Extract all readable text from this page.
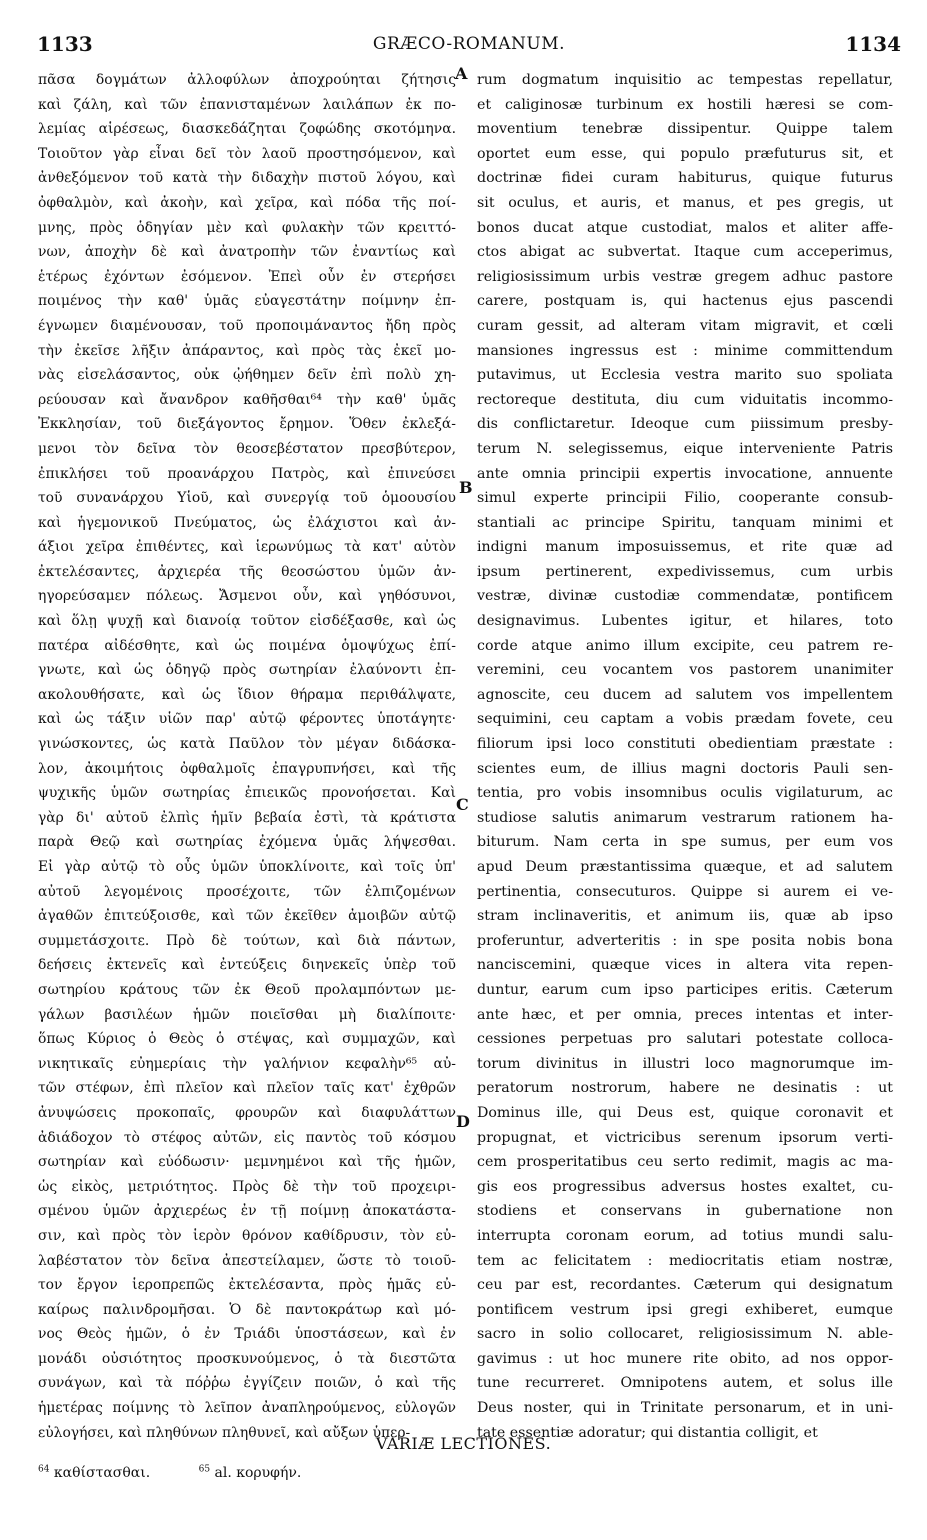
1133	GRÆCO-ROMANUM.	1134
πᾶσα δογμάτων ἀλλοφύλων ἀποχρούηται ζήτησις
καὶ ζάλη, καὶ τῶν ἐπανισταμένων λαιλάπων ἐκ πο-
λεμίας αἱρέσεως, διασκεδάζηται ζοφώδης σκοτόμηνα.
Τοιοῦτον γὰρ εἶναι δεῖ τὸν λαοῦ προστησόμενον, καὶ
ἀνθεξόμενον τοῦ κατὰ τὴν διδαχὴν πιστοῦ λόγου, καὶ
ὀφθαλμὸν, καὶ ἀκοὴν, καὶ χεῖρα, καὶ πόδα τῆς ποί-
μνης, πρὸς ὁδηγίαν μὲν καὶ φυλακὴν τῶν κρειττό-
νων, ἀποχὴν δὲ καὶ ἀνατροπὴν τῶν ἐναντίως καὶ
ἑτέρως ἐχόντων ἐσόμενον. Ἐπεὶ οὖν ἐν στερήσει
ποιμένος τὴν καθ' ὑμᾶς εὐαγεστάτην ποίμνην ἐπ-
έγνωμεν διαμένουσαν, τοῦ προποιμάναντος ἤδη πρὸς
τὴν ἐκεῖσε λῆξιν ἀπάραντος, καὶ πρὸς τὰς ἐκεῖ μο-
νὰς εἰσελάσαντος, οὐκ ᾠήθημεν δεῖν ἐπὶ πολὺ χη-
ρεύουσαν καὶ ἄνανδρον καθῆσθαι⁶⁴ τὴν καθ' ὑμᾶς
Ἐκκλησίαν, τοῦ διεξάγοντος ἔρημον. Ὅθεν ἐκλεξά-
μενοι τὸν δεῖνα τὸν θεοσεβέστατον πρεσβύτερον,
ἐπικλήσει τοῦ προανάρχου Πατρὸς, καὶ ἐπινεύσει
τοῦ συνανάρχου Υἱοῦ, καὶ συνεργίᾳ τοῦ ὁμοουσίου
καὶ ἡγεμονικοῦ Πνεύματος, ὡς ἐλάχιστοι καὶ ἀν-
άξιοι χεῖρα ἐπιθέντες, καὶ ἱερωνύμως τὰ κατ' αὐτὸν
ἐκτελέσαντες, ἀρχιερέα τῆς θεοσώστου ὑμῶν ἀν-
ηγορεύσαμεν πόλεως. Ἄσμενοι οὖν, καὶ γηθόσυνοι,
καὶ ὅλῃ ψυχῇ καὶ διανοίᾳ τοῦτον εἰσδέξασθε, καὶ ὡς
πατέρα αἰδέσθητε, καὶ ὡς ποιμένα ὁμοψύχως ἐπί-
γνωτε, καὶ ὡς ὁδηγῷ πρὸς σωτηρίαν ἐλαύνοντι ἐπ-
ακολουθήσατε, καὶ ὡς ἴδιον θήραμα περιθάλψατε,
καὶ ὡς τάξιν υἱῶν παρ' αὐτῷ φέροντες ὑποτάγητε·
γινώσκοντες, ὡς κατὰ Παῦλον τὸν μέγαν διδάσκα-
λον, ἀκοιμήτοις ὀφθαλμοῖς ἐπαγρυπνήσει, καὶ τῆς
ψυχικῆς ὑμῶν σωτηρίας ἐπιεικῶς προνοήσεται. Καὶ
γὰρ δι' αὐτοῦ ἐλπὶς ἡμῖν βεβαία ἐστὶ, τὰ κράτιστα
παρὰ Θεῷ καὶ σωτηρίας ἐχόμενα ὑμᾶς λήψεσθαι.
Εἰ γὰρ αὐτῷ τὸ οὖς ὑμῶν ὑποκλίνοιτε, καὶ τοῖς ὑπ'
αὐτοῦ λεγομένοις προσέχοιτε, τῶν ἐλπιζομένων
ἀγαθῶν ἐπιτεύξοισθε, καὶ τῶν ἐκεῖθεν ἀμοιβῶν αὐτῷ
συμμετάσχοιτε. Πρὸ δὲ τούτων, καὶ διὰ πάντων,
δεήσεις ἐκτενεῖς καὶ ἐντεύξεις διηνεκεῖς ὑπὲρ τοῦ
σωτηρίου κράτους τῶν ἐκ Θεοῦ προλαμπόντων με-
γάλων βασιλέων ἡμῶν ποιεῖσθαι μὴ διαλίποιτε·
ὅπως Κύριος ὁ Θεὸς ὁ στέψας, καὶ συμμαχῶν, καὶ
νικητικαῖς εὐημερίαις τὴν γαλήνιον κεφαλὴν⁶⁵ αὐ-
τῶν στέφων, ἐπὶ πλεῖον καὶ πλεῖον ταῖς κατ' ἐχθρῶν
ἀνυψώσεις προκοπαῖς, φρουρῶν καὶ διαφυλάττων
ἀδιάδοχον τὸ στέφος αὐτῶν, εἰς παντὸς τοῦ κόσμου
σωτηρίαν καὶ εὐόδωσιν· μεμνημένοι καὶ τῆς ἡμῶν,
ὡς εἰκὸς, μετριότητος. Πρὸς δὲ τὴν τοῦ προχειρι-
σμένου ὑμῶν ἀρχιερέως ἐν τῇ ποίμνῃ ἀποκατάστα-
σιν, καὶ πρὸς τὸν ἱερὸν θρόνον καθίδρυσιν, τὸν εὐ-
λαβέστατον τὸν δεῖνα ἀπεστείλαμεν, ὥστε τὸ τοιοῦ-
τον ἔργον ἱεροπρεπῶς ἐκτελέσαντα, πρὸς ἡμᾶς εὐ-
καίρως παλινδρομῆσαι. Ὁ δὲ παντοκράτωρ καὶ μό-
νος Θεὸς ἡμῶν, ὁ ἐν Τριάδι ὑποστάσεων, καὶ ἐν
μονάδι οὐσιότητος προσκυνούμενος, ὁ τὰ διεστῶτα
συνάγων, καὶ τὰ πόῤῥω ἐγγίζειν ποιῶν, ὁ καὶ τῆς
ἡμετέρας ποίμνης τὸ λεῖπον ἀναπληρούμενος, εὐλογῶν
εὐλογήσει, καὶ πληθύνων πληθυνεῖ, καὶ αὔξων ὑπερ-
rum dogmatum inquisitio ac tempestas repellatur,
et caliginosæ turbinum ex hostili hæresi se com-
moventium tenebræ dissipentur. Quippe talem
oportet eum esse, qui populo præfuturus sit, et
doctrinæ fidei curam habiturus, quique futurus
sit oculus, et auris, et manus, et pes gregis, ut
bonos ducat atque custodiat, malos et aliter affe-
ctos abigat ac subvertat. Itaque cum acceperimus,
religiosissimum urbis vestræ gregem adhuc pastore
carere, postquam is, qui hactenus ejus pascendi
curam gessit, ad alteram vitam migravit, et cœli
mansiones ingressus est : minime committendum
putavimus, ut Ecclesia vestra marito suo spoliata
rectoreque destituta, diu cum viduitatis incommo-
dis conflictaretur. Ideoque cum piissimum presby-
terum N. selegissemus, eique interveniente Patris
ante omnia principii expertis invocatione, annuente
simul experte principii Filio, cooperante consub-
stantiali ac principe Spiritu, tanquam minimi et
indigni manum imposuissemus, et rite quæ ad
ipsum pertinerent, expedivissemus, cum urbis
vestræ, divinæ custodiæ commendatæ, pontificem
designavimus. Lubentes igitur, et hilares, toto
corde atque animo illum excipite, ceu patrem re-
veremini, ceu vocantem vos pastorem unanimiter
agnoscite, ceu ducem ad salutem vos impellentem
sequimini, ceu captam a vobis prædam fovete, ceu
filiorum ipsi loco constituti obedientiam præstate :
scientes eum, de illius magni doctoris Pauli sen-
tentia, pro vobis insomnibus oculis vigilaturum, ac
studiose salutis animarum vestrarum rationem ha-
biturum. Nam certa in spe sumus, per eum vos
apud Deum præstantissima quæque, et ad salutem
pertinentia, consecuturos. Quippe si aurem ei ve-
stram inclinaveritis, et animum iis, quæ ab ipso
proferuntur, adverteritis : in spe posita nobis bona
nanciscemini, quæque vices in altera vita repen-
duntur, earum cum ipso participes eritis. Cæterum
ante hæc, et per omnia, preces intentas et inter-
cessiones perpetuas pro salutari potestate colloca-
torum divinitus in illustri loco magnorumque im-
peratorum nostrorum, habere ne desinatis : ut
Dominus ille, qui Deus est, quique coronavit et
propugnat, et victricibus serenum ipsorum verti-
cem prosperitatibus ceu serto redimit, magis ac ma-
gis eos progressibus adversus hostes exaltet, cu-
stodiens et conservans in gubernatione non
interrupta coronam eorum, ad totius mundi salu-
tem ac felicitatem : mediocritatis etiam nostræ,
ceu par est, recordantes. Cæterum qui designatum
pontificem vestrum ipsi gregi exhiberet, eumque
sacro in solio collocaret, religiosissimum N. able-
gavimus : ut hoc munere rite obito, ad nos oppor-
tune recurreret. Omnipotens autem, et solus ille
Deus noster, qui in Trinitate personarum, et in uni-
tate essentiæ adoratur; qui distantia colligit, et
A
B
C
D
VARIÆ LECTIONES.
$^{64}$ καθίστασθαι.	$^{65}$ al. κορυφήν.
